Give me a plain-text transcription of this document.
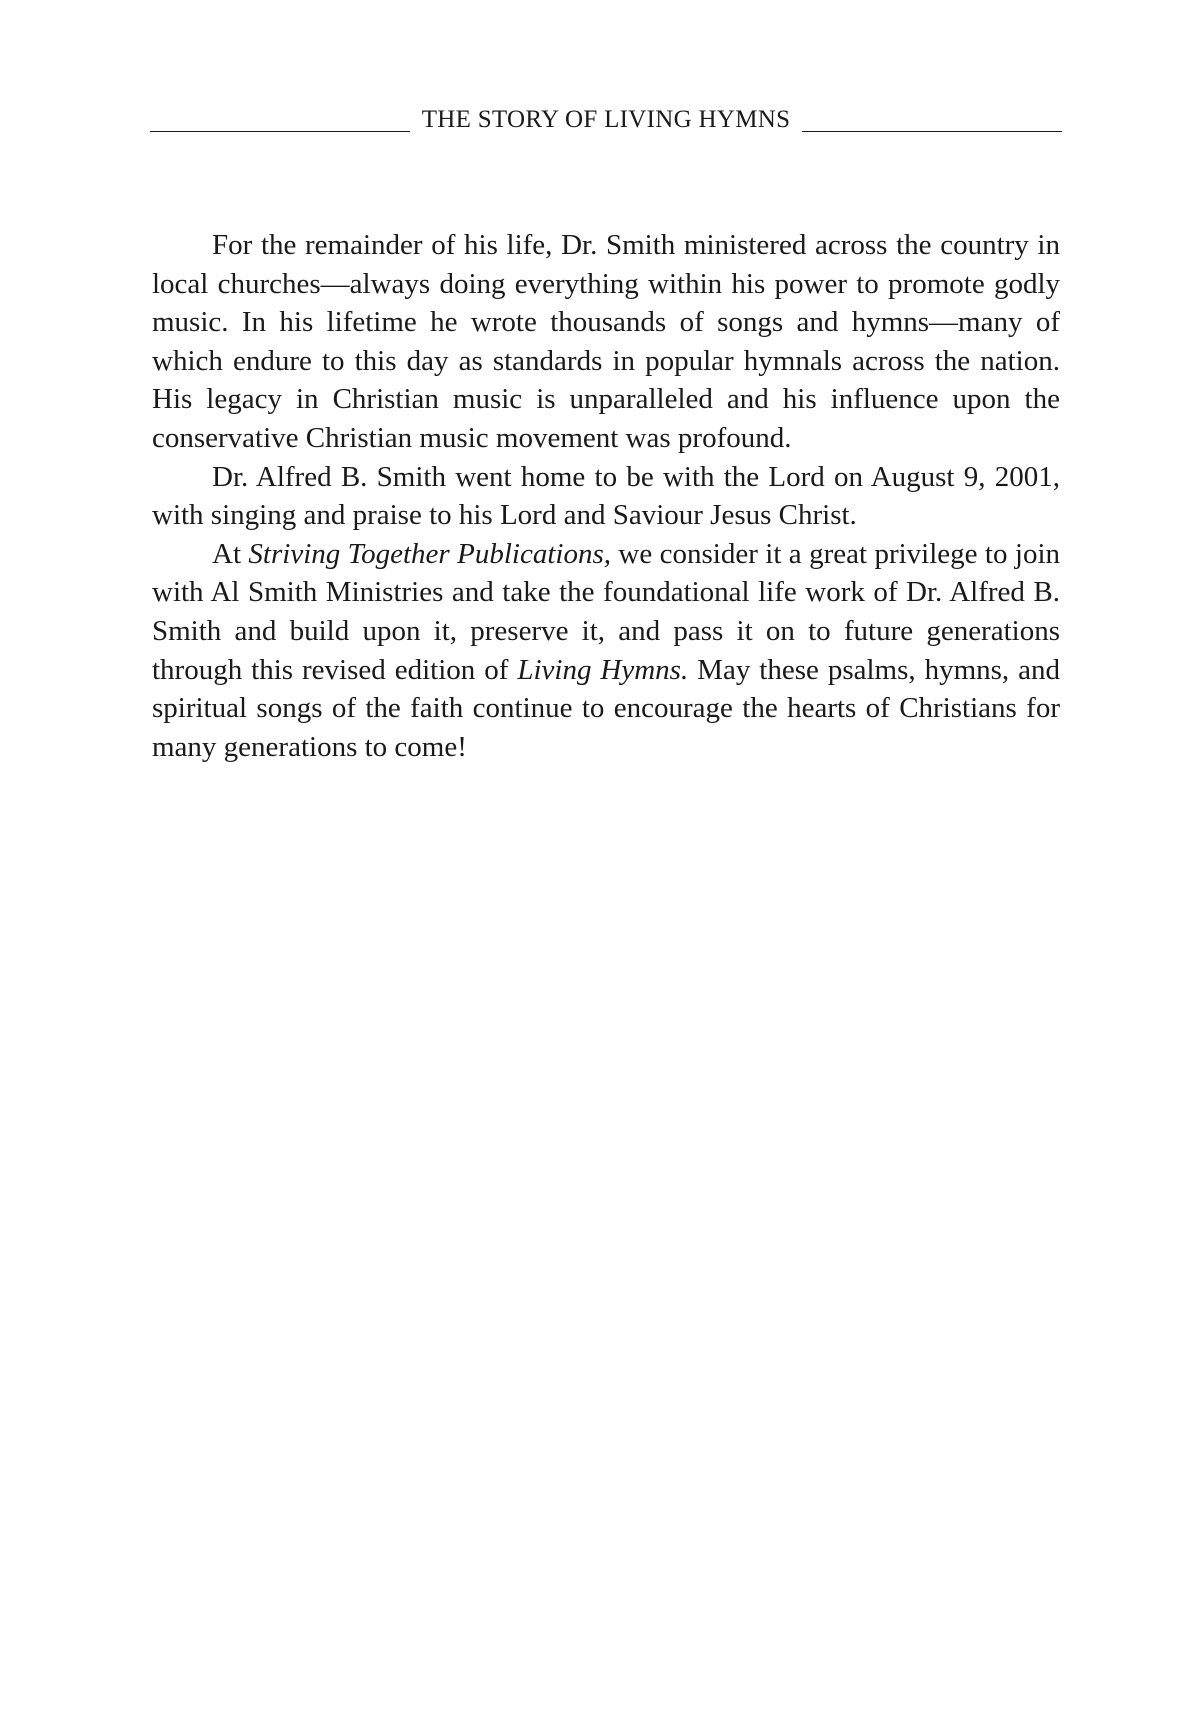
THE STORY OF LIVING HYMNS

For the remainder of his life, Dr. Smith ministered across the country in local churches—always doing everything within his power to promote godly music. In his lifetime he wrote thousands of songs and hymns—many of which endure to this day as standards in popular hymnals across the nation. His legacy in Christian music is unparalleled and his influence upon the conservative Christian music movement was profound.

Dr. Alfred B. Smith went home to be with the Lord on August 9, 2001, with singing and praise to his Lord and Saviour Jesus Christ.

At Striving Together Publications, we consider it a great privilege to join with Al Smith Ministries and take the foundational life work of Dr. Alfred B. Smith and build upon it, preserve it, and pass it on to future generations through this revised edition of Living Hymns. May these psalms, hymns, and spiritual songs of the faith continue to encourage the hearts of Christians for many generations to come!
